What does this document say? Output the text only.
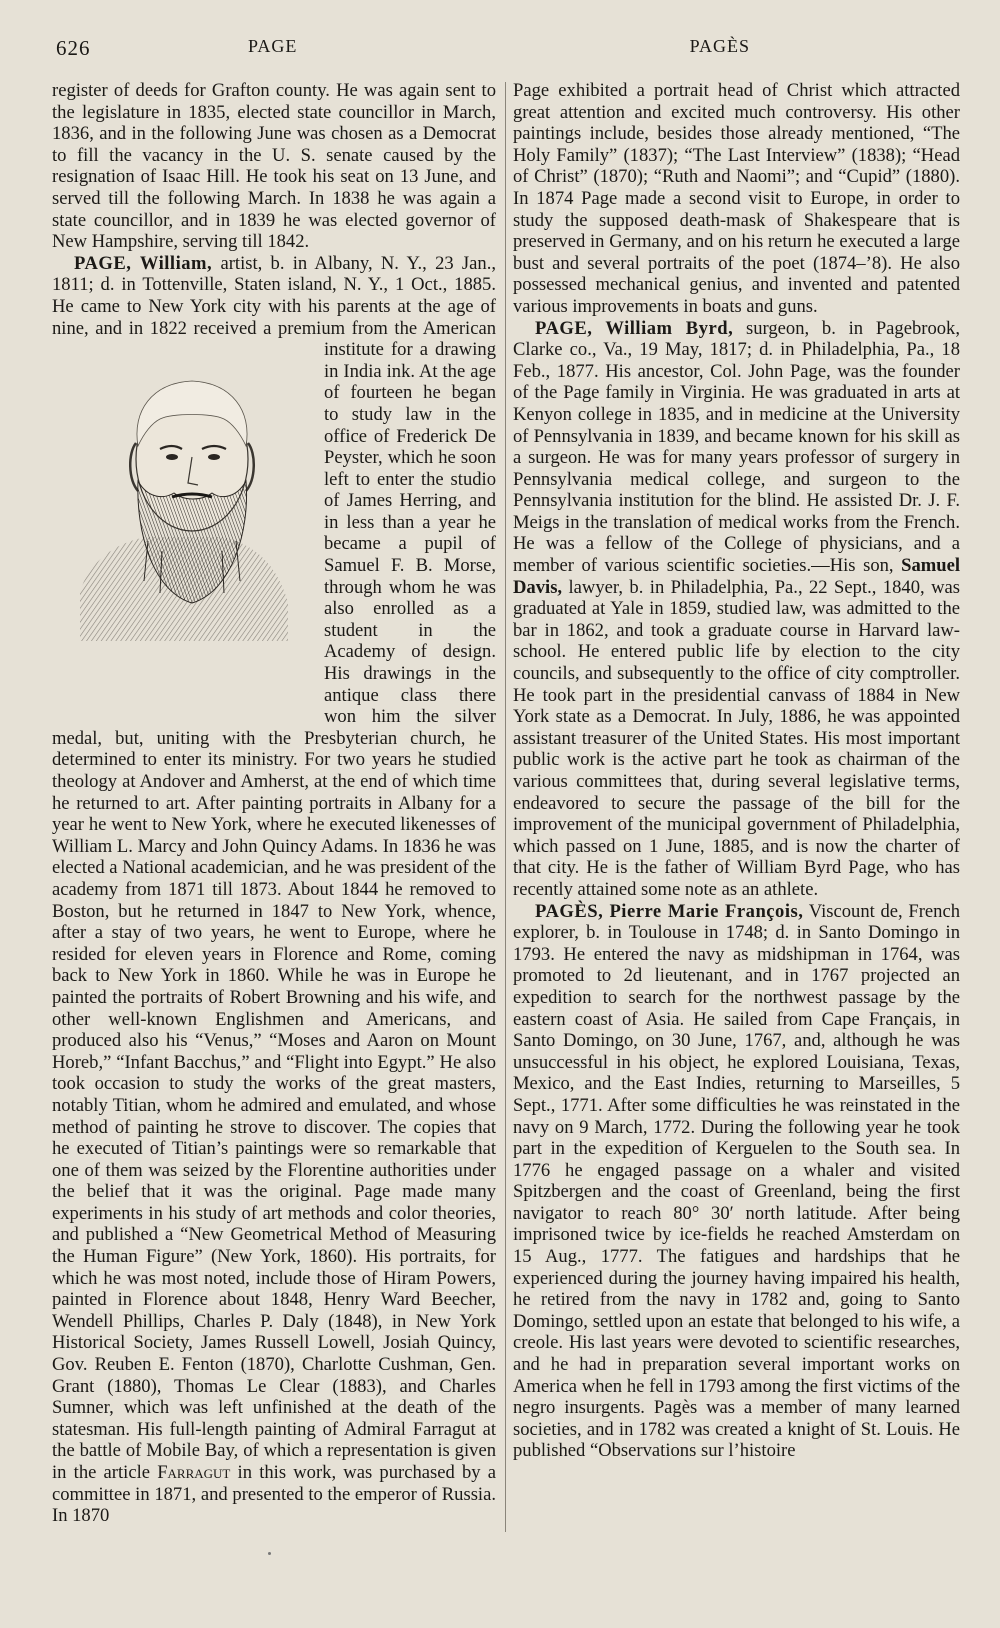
626	PAGE	PAGÈS

register of deeds for Grafton county. He was again sent to the legislature in 1835, elected state councillor in March, 1836, and in the following June was chosen as a Democrat to fill the vacancy in the U. S. senate caused by the resignation of Isaac Hill. He took his seat on 13 June, and served till the following March. In 1838 he was again a state councillor, and in 1839 he was elected governor of New Hampshire, serving till 1842.

PAGE, William, artist, b. in Albany, N. Y., 23 Jan., 1811; d. in Tottenville, Staten island, N. Y., 1 Oct., 1885. He came to New York city with his parents at the age of nine, and in 1822 received a
premium from the American institute for a drawing in India ink. At the age of fourteen he began to study law in the office of Frederick De Peyster, which he soon left to enter the studio of James Herring, and in less than a year he became a pupil of Samuel F. B. Morse, through whom he was also enrolled as a student in the Academy of design. His drawings in the antique class there won him the silver medal, but, uniting with the Presbyterian church, he determined to enter its ministry. For two years he studied theology at Andover and Amherst, at the end of which time he returned to art. After painting portraits in Albany for a year he went to New York, where he executed likenesses of William L. Marcy and John Quincy Adams. In 1836 he was elected a National academician, and he was president of the academy from 1871 till 1873. About 1844 he removed to Boston, but he returned in 1847 to New York, whence, after a stay of two years, he went to Europe, where he resided for eleven years in Florence and Rome, coming back to New York in 1860. While he was in Europe he painted the portraits of Robert Browning and his wife, and other well-known Englishmen and Americans, and produced also his “Venus,” “Moses and Aaron on Mount Horeb,” “Infant Bacchus,” and “Flight into Egypt.” He also took occasion to study the works of the great masters, notably Titian, whom he admired and emulated, and whose method of painting he strove to discover. The copies that he executed of Titian’s paintings were so remarkable that one of them was seized by the Florentine authorities under the belief that it was the original. Page made many experiments in his study of art methods and color theories, and published a “New Geometrical Method of Measuring the Human Figure” (New York, 1860). His portraits, for which he was most noted, include those of Hiram Powers, painted in Florence about 1848, Henry Ward Beecher, Wendell Phillips, Charles P. Daly (1848), in New York Historical Society, James Russell Lowell, Josiah Quincy, Gov. Reuben E. Fenton (1870), Charlotte Cushman, Gen. Grant (1880), Thomas Le Clear (1883), and Charles Sumner, which was left unfinished at the death of the statesman. His full-length painting of Admiral Farragut at the battle of Mobile Bay, of which a representation is given in the article Farragut in this work, was purchased by a committee in 1871, and presented to the emperor of Russia. In 1870

Page exhibited a portrait head of Christ which attracted great attention and excited much controversy. His other paintings include, besides those already mentioned, “The Holy Family” (1837); “The Last Interview” (1838); “Head of Christ” (1870); “Ruth and Naomi”; and “Cupid” (1880). In 1874 Page made a second visit to Europe, in order to study the supposed death-mask of Shakespeare that is preserved in Germany, and on his return he executed a large bust and several portraits of the poet (1874–’8). He also possessed mechanical genius, and invented and patented various improvements in boats and guns.

PAGE, William Byrd, surgeon, b. in Pagebrook, Clarke co., Va., 19 May, 1817; d. in Philadelphia, Pa., 18 Feb., 1877. His ancestor, Col. John Page, was the founder of the Page family in Virginia. He was graduated in arts at Kenyon college in 1835, and in medicine at the University of Pennsylvania in 1839, and became known for his skill as a surgeon. He was for many years professor of surgery in Pennsylvania medical college, and surgeon to the Pennsylvania institution for the blind. He assisted Dr. J. F. Meigs in the translation of medical works from the French. He was a fellow of the College of physicians, and a member of various scientific societies.—His son, Samuel Davis, lawyer, b. in Philadelphia, Pa., 22 Sept., 1840, was graduated at Yale in 1859, studied law, was admitted to the bar in 1862, and took a graduate course in Harvard law-school. He entered public life by election to the city councils, and subsequently to the office of city comptroller. He took part in the presidential canvass of 1884 in New York state as a Democrat. In July, 1886, he was appointed assistant treasurer of the United States. His most important public work is the active part he took as chairman of the various committees that, during several legislative terms, endeavored to secure the passage of the bill for the improvement of the municipal government of Philadelphia, which passed on 1 June, 1885, and is now the charter of that city. He is the father of William Byrd Page, who has recently attained some note as an athlete.

PAGÈS, Pierre Marie François, Viscount de, French explorer, b. in Toulouse in 1748; d. in Santo Domingo in 1793. He entered the navy as midshipman in 1764, was promoted to 2d lieutenant, and in 1767 projected an expedition to search for the northwest passage by the eastern coast of Asia. He sailed from Cape Français, in Santo Domingo, on 30 June, 1767, and, although he was unsuccessful in his object, he explored Louisiana, Texas, Mexico, and the East Indies, returning to Marseilles, 5 Sept., 1771. After some difficulties he was reinstated in the navy on 9 March, 1772. During the following year he took part in the expedition of Kerguelen to the South sea. In 1776 he engaged passage on a whaler and visited Spitzbergen and the coast of Greenland, being the first navigator to reach 80° 30′ north latitude. After being imprisoned twice by ice-fields he reached Amsterdam on 15 Aug., 1777. The fatigues and hardships that he experienced during the journey having impaired his health, he retired from the navy in 1782 and, going to Santo Domingo, settled upon an estate that belonged to his wife, a creole. His last years were devoted to scientific researches, and he had in preparation several important works on America when he fell in 1793 among the first victims of the negro insurgents. Pagès was a member of many learned societies, and in 1782 was created a knight of St. Louis. He published “Observations sur l’histoire
